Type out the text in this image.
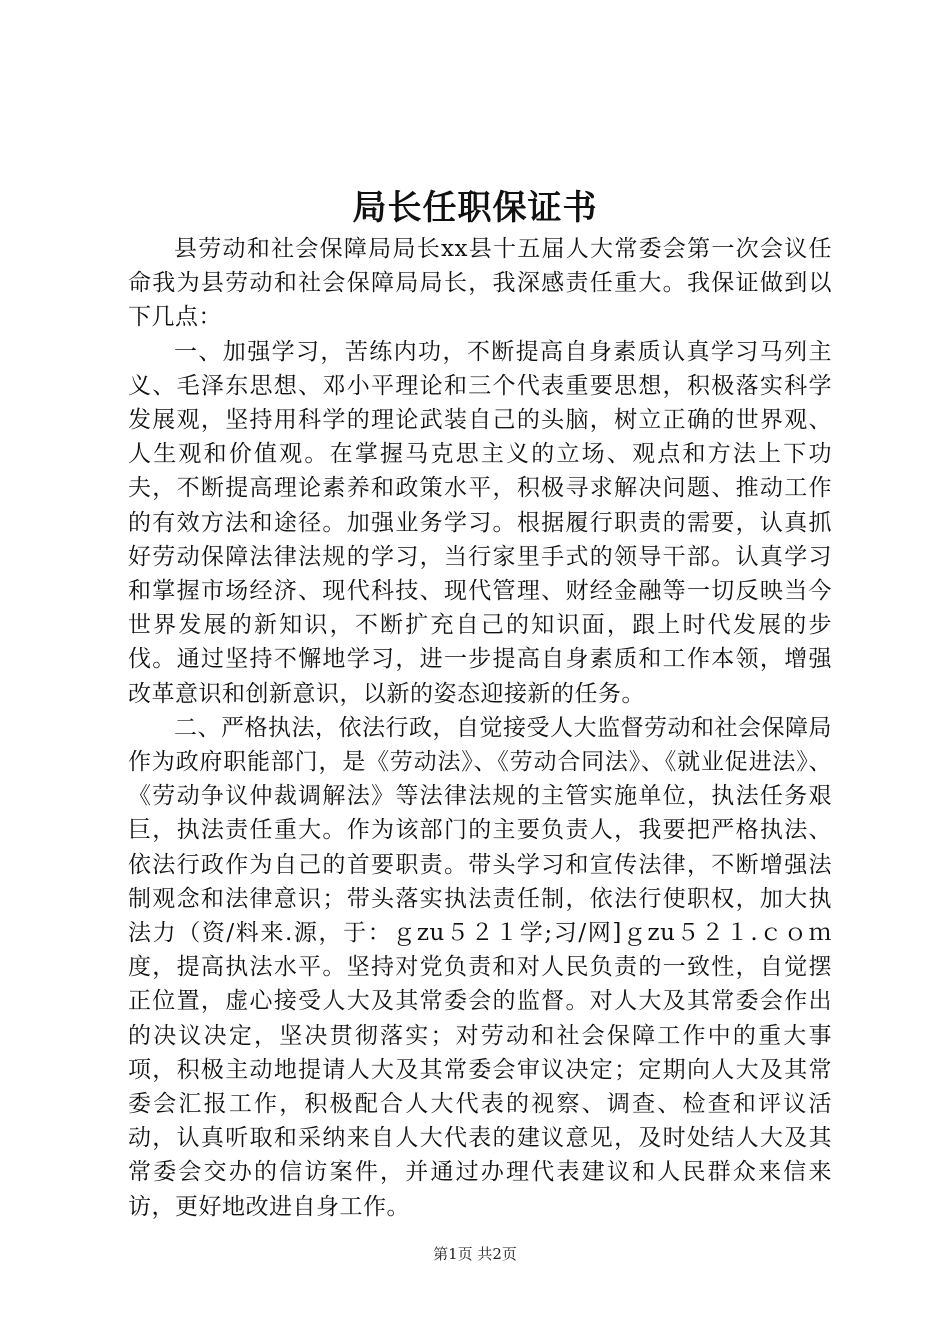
局长任职保证书

县劳动和社会保障局局长xx县十五届人大常委会第一次会议任命我为县劳动和社会保障局局长，我深感责任重大。我保证做到以下几点：

一、加强学习，苦练内功，不断提高自身素质认真学习马列主义、毛泽东思想、邓小平理论和三个代表重要思想，积极落实科学发展观，坚持用科学的理论武装自己的头脑，树立正确的世界观、人生观和价值观。在掌握马克思主义的立场、观点和方法上下功夫，不断提高理论素养和政策水平，积极寻求解决问题、推动工作的有效方法和途径。加强业务学习。根据履行职责的需要，认真抓好劳动保障法律法规的学习，当行家里手式的领导干部。认真学习和掌握市场经济、现代科技、现代管理、财经金融等一切反映当今世界发展的新知识，不断扩充自己的知识面，跟上时代发展的步伐。通过坚持不懈地学习，进一步提高自身素质和工作本领，增强改革意识和创新意识，以新的姿态迎接新的任务。

二、严格执法，依法行政，自觉接受人大监督劳动和社会保障局作为政府职能部门，是《劳动法》、《劳动合同法》、《就业促进法》、《劳动争议仲裁调解法》等法律法规的主管实施单位，执法任务艰巨，执法责任重大。作为该部门的主要负责人，我要把严格执法、依法行政作为自己的首要职责。带头学习和宣传法律，不断增强法制观念和法律意识；带头落实执法责任制，依法行使职权，加大执法力（资/料来.源，于：ｇzu５２１学;习/网]ｇzu５２１.ｃｏｍ度，提高执法水平。坚持对党负责和对人民负责的一致性，自觉摆正位置，虚心接受人大及其常委会的监督。对人大及其常委会作出的决议决定，坚决贯彻落实；对劳动和社会保障工作中的重大事项，积极主动地提请人大及其常委会审议决定；定期向人大及其常委会汇报工作，积极配合人大代表的视察、调查、检查和评议活动，认真听取和采纳来自人大代表的建议意见，及时处结人大及其常委会交办的信访案件，并通过办理代表建议和人民群众来信来访，更好地改进自身工作。

第1页 共2页
